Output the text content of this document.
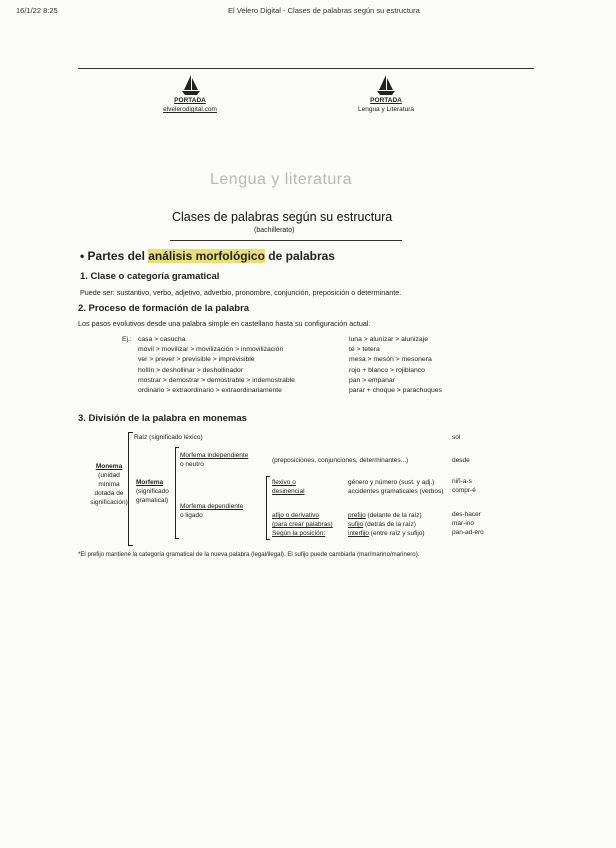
16/1/22 8:25	El Velero Digital - Clases de palabras según su estructura
PORTADA
elvelerodigital.com
PORTADA
Lengua y Literatura
Lengua y literatura
Clases de palabras según su estructura
(bachillerato)
• Partes del análisis morfológico de palabras
1. Clase o categoría gramatical
Puede ser: sustantivo, verbo, adjetivo, adverbio, pronombre, conjunción, preposición o determinante.
2. Proceso de formación de la palabra
Los pasos evolutivos desde una palabra simple en castellano hasta su configuración actual.
Ej.: casa > casucha
móvil > movilizar > movilización > inmovilización
ver > prever > previsible > imprevisible
hollín > deshollinar > deshollinador
mostrar > demostrar > demostrable > indemostrable
ordinario > extraordinario > extraordinariamente
luna > alunizar > alunizaje
té > tetera
mesa > mesón > mesonera
rojo + blanco > rojiblanco
pan > empanar
parar + choque > parachoques
3. División de la palabra en monemas
Monema
(unidad
mínima
dotada de
significación)
Raíz (significado léxico)
Morfema
(significado
gramatical)
Morfema independiente
o neutro
(preposiciones, conjunciones, determinantes...)
Morfema dependiente
o ligado
flexivo o
desinencial
género y número (sust. y adj.)
accidentes gramaticales (verbos)
afijo o derivativo
(para crear palabras)
Según la posición:
prefijo (delante de la raíz)
sufijo (detrás de la raíz)
interfijo (entre raíz y sufijo)
sol
desde
niñ-a-s
compr-é
des-hacer
mar-ino
pan-ad-ero
*El prefijo mantiene la categoría gramatical de la nueva palabra (legal/ilegal). El sufijo puede cambiarla (mar/marino/marinero).
